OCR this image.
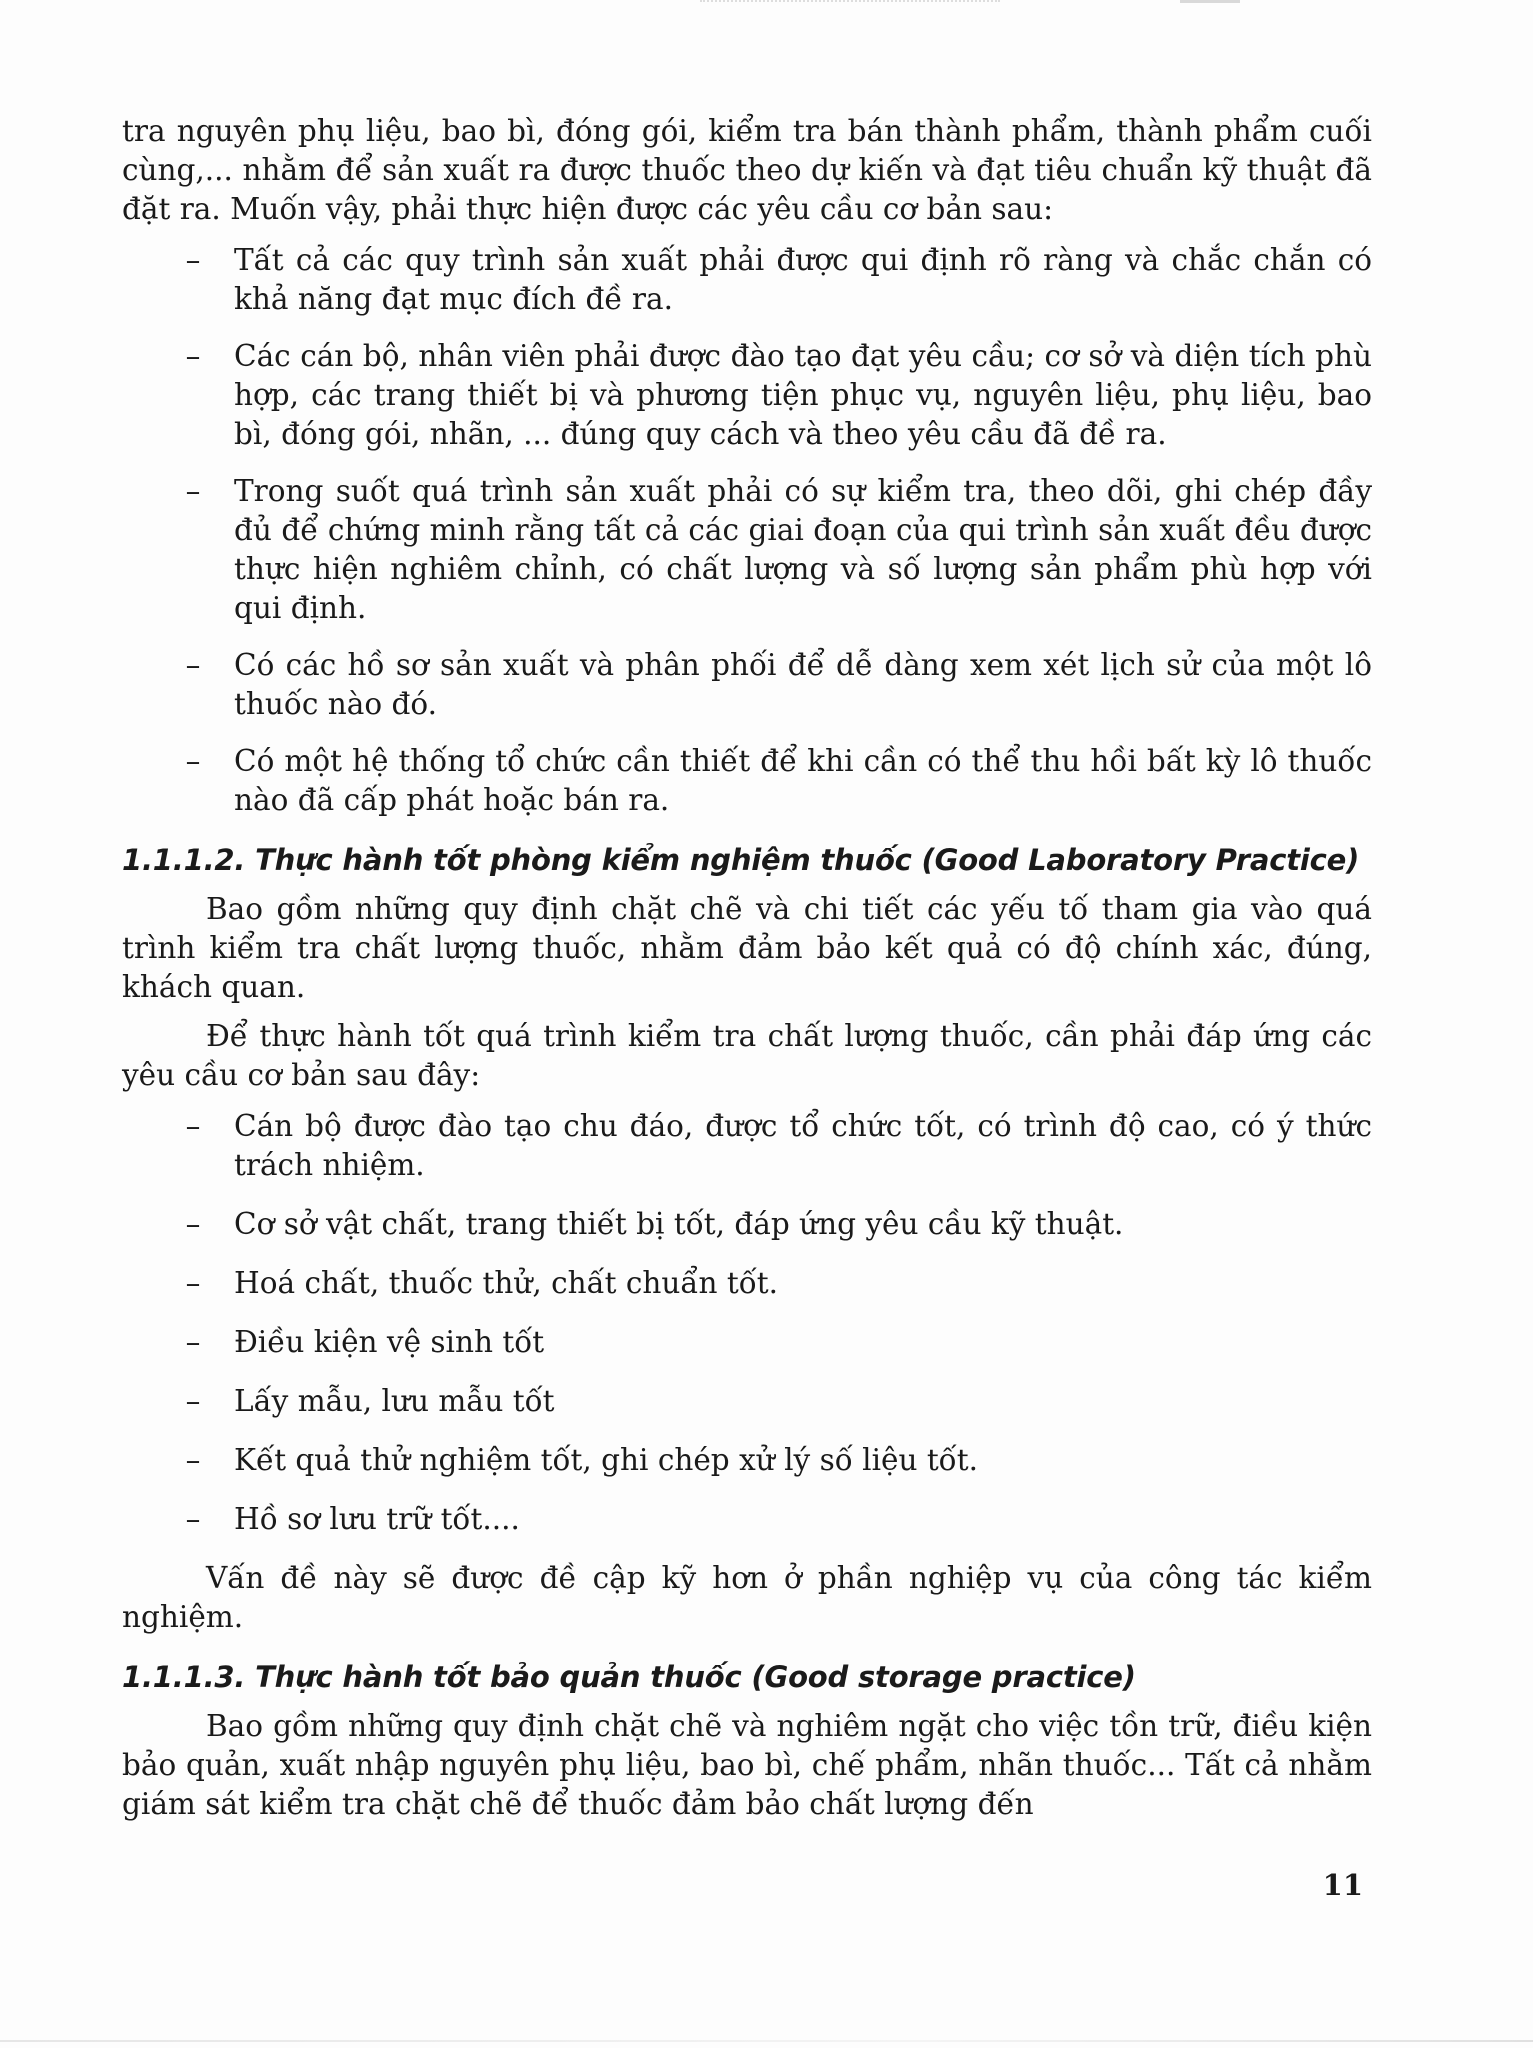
tra nguyên phụ liệu, bao bì, đóng gói, kiểm tra bán thành phẩm, thành phẩm cuối cùng,... nhằm để sản xuất ra được thuốc theo dự kiến và đạt tiêu chuẩn kỹ thuật đã đặt ra. Muốn vậy, phải thực hiện được các yêu cầu cơ bản sau:

– Tất cả các quy trình sản xuất phải được qui định rõ ràng và chắc chắn có khả năng đạt mục đích đề ra.
– Các cán bộ, nhân viên phải được đào tạo đạt yêu cầu; cơ sở và diện tích phù hợp, các trang thiết bị và phương tiện phục vụ, nguyên liệu, phụ liệu, bao bì, đóng gói, nhãn, ... đúng quy cách và theo yêu cầu đã đề ra.
– Trong suốt quá trình sản xuất phải có sự kiểm tra, theo dõi, ghi chép đầy đủ để chứng minh rằng tất cả các giai đoạn của qui trình sản xuất đều được thực hiện nghiêm chỉnh, có chất lượng và số lượng sản phẩm phù hợp với qui định.
– Có các hồ sơ sản xuất và phân phối để dễ dàng xem xét lịch sử của một lô thuốc nào đó.
– Có một hệ thống tổ chức cần thiết để khi cần có thể thu hồi bất kỳ lô thuốc nào đã cấp phát hoặc bán ra.
1.1.1.2. Thực hành tốt phòng kiểm nghiệm thuốc (Good Laboratory Practice)

Bao gồm những quy định chặt chẽ và chi tiết các yếu tố tham gia vào quá trình kiểm tra chất lượng thuốc, nhằm đảm bảo kết quả có độ chính xác, đúng, khách quan.

Để thực hành tốt quá trình kiểm tra chất lượng thuốc, cần phải đáp ứng các yêu cầu cơ bản sau đây:

– Cán bộ được đào tạo chu đáo, được tổ chức tốt, có trình độ cao, có ý thức trách nhiệm.
– Cơ sở vật chất, trang thiết bị tốt, đáp ứng yêu cầu kỹ thuật.
– Hoá chất, thuốc thử, chất chuẩn tốt.
– Điều kiện vệ sinh tốt
– Lấy mẫu, lưu mẫu tốt
– Kết quả thử nghiệm tốt, ghi chép xử lý số liệu tốt.
– Hồ sơ lưu trữ tốt....

Vấn đề này sẽ được đề cập kỹ hơn ở phần nghiệp vụ của công tác kiểm nghiệm.

1.1.1.3. Thực hành tốt bảo quản thuốc (Good storage practice)

Bao gồm những quy định chặt chẽ và nghiêm ngặt cho việc tồn trữ, điều kiện bảo quản, xuất nhập nguyên phụ liệu, bao bì, chế phẩm, nhãn thuốc... Tất cả nhằm giám sát kiểm tra chặt chẽ để thuốc đảm bảo chất lượng đến

11
